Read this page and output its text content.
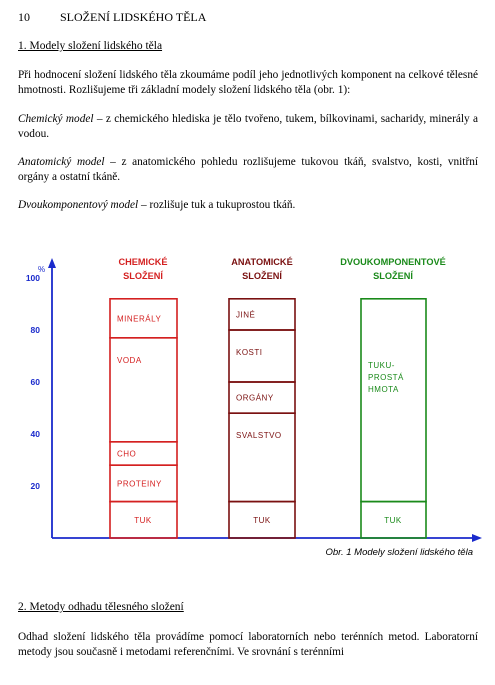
10	SLOŽENÍ LIDSKÉHO TĚLA
1. Modely složení lidského těla
Při hodnocení složení lidského těla zkoumáme podíl jeho jednotlivých komponent na celkové tělesné hmotnosti. Rozlišujeme tři základní modely složení lidského těla (obr. 1):
Chemický model – z chemického hlediska je tělo tvořeno, tukem, bílkovinami, sacharidy, minerály a vodou.
Anatomický model – z anatomického pohledu rozlišujeme tukovou tkáň, svalstvo, kosti, vnitřní orgány a ostatní tkáně.
Dvoukomponentový model – rozlišuje tuk a tukuprostou tkáň.
%
100
80
60
40
20
CHEMICKÉ
SLOŽENÍ
TUK
PROTEINY
CHO
VODA
MINERÁLY
ANATOMICKÉ
SLOŽENÍ
TUK
SVALSTVO
ORGÁNY
KOSTI
JINÉ
DVOUKOMPONENTOVÉ
SLOŽENÍ
TUK
TUKU-
PROSTÁ
HMOTA
Obr. 1 Modely složení lidského těla
2. Metody odhadu tělesného složení
Odhad složení lidského těla provádíme pomocí laboratorních nebo terénních metod. Laboratorní metody jsou současně i metodami referenčními. Ve srovnání s terénními
